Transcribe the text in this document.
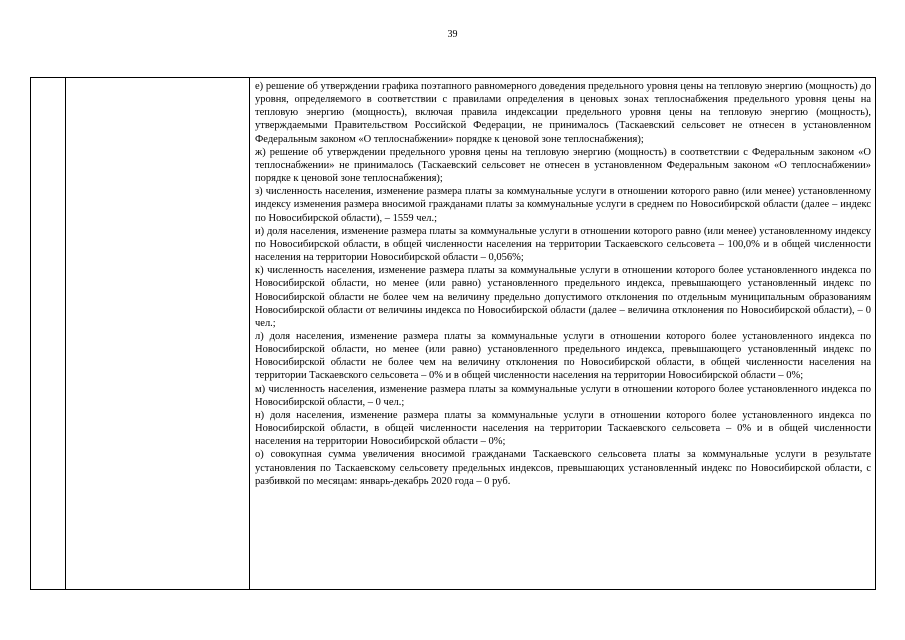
39

е) решение об утверждении графика поэтапного равномерного доведения предельного уровня цены на тепловую энергию (мощность) до уровня, определяемого в соответствии с правилами определения в ценовых зонах теплоснабжения предельного уровня цены на тепловую энергию (мощность), включая правила индексации предельного уровня цены на тепловую энергию (мощность), утверждаемыми Правительством Российской Федерации, не принималось (Таскаевский сельсовет не отнесен в установленном Федеральным законом «О теплоснабжении» порядке к ценовой зоне теплоснабжения);

ж) решение об утверждении предельного уровня цены на тепловую энергию (мощность) в соответствии с Федеральным законом «О теплоснабжении» не принималось (Таскаевский сельсовет не отнесен в установленном Федеральным законом «О теплоснабжении» порядке к ценовой зоне теплоснабжения);

з) численность населения, изменение размера платы за коммунальные услуги в отношении которого равно (или менее) установленному индексу изменения размера вносимой гражданами платы за коммунальные услуги в среднем по Новосибирской области (далее – индекс по Новосибирской области), – 1559 чел.;

и) доля населения, изменение размера платы за коммунальные услуги в отношении которого равно (или менее) установленному индексу по Новосибирской области, в общей численности населения на территории Таскаевского сельсовета – 100,0% и в общей численности населения на территории Новосибирской области – 0,056%;

к) численность населения, изменение размера платы за коммунальные услуги в отношении которого более установленного индекса по Новосибирской области, но менее (или равно) установленного предельного индекса, превышающего установленный индекс по Новосибирской области не более чем на величину предельно допустимого отклонения по отдельным муниципальным образованиям Новосибирской области от величины индекса по Новосибирской области (далее – величина отклонения по Новосибирской области), – 0 чел.;

л) доля населения, изменение размера платы за коммунальные услуги в отношении которого более установленного индекса по Новосибирской области, но менее (или равно) установленного предельного индекса, превышающего установленный индекс по Новосибирской области не более чем на величину отклонения по Новосибирской области, в общей численности населения на территории Таскаевского сельсовета – 0% и в общей численности населения на территории Новосибирской области – 0%;

м) численность населения, изменение размера платы за коммунальные услуги в отношении которого более установленного индекса по Новосибирской области, – 0 чел.;

н) доля населения, изменение размера платы за коммунальные услуги в отношении которого более установленного индекса по Новосибирской области, в общей численности населения на территории Таскаевского сельсовета – 0% и в общей численности населения на территории Новосибирской области – 0%;

о) совокупная сумма увеличения вносимой гражданами Таскаевского сельсовета платы за коммунальные услуги в результате установления по Таскаевскому сельсовету предельных индексов, превышающих установленный индекс по Новосибирской области, с разбивкой по месяцам: январь-декабрь 2020 года – 0 руб.
